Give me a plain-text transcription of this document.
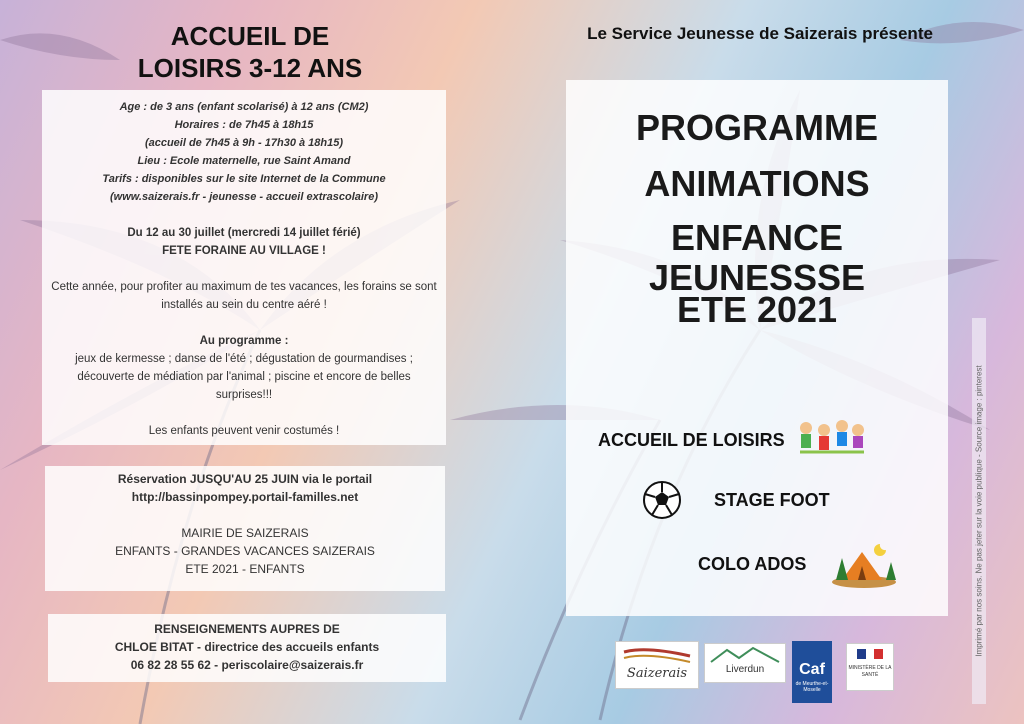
ACCUEIL DE
LOISIRS 3-12 ANS
Age : de 3 ans (enfant scolarisé) à 12 ans (CM2)
Horaires : de 7h45 à 18h15
(accueil de 7h45 à 9h - 17h30 à 18h15)
Lieu : Ecole maternelle, rue Saint Amand
Tarifs : disponibles sur le site Internet de la Commune
(www.saizerais.fr - jeunesse - accueil extrascolaire)
Du 12 au 30 juillet (mercredi 14 juillet férié)
FETE FORAINE AU VILLAGE !
Cette année, pour profiter au maximum de tes vacances, les forains se sont installés au sein du centre aéré !
Au programme :
jeux de kermesse ; danse de l'été ; dégustation de gourmandises ; découverte de médiation par l'animal ; piscine et encore de belles surprises!!!
Les enfants peuvent venir costumés !
Réservation JUSQU'AU 25 JUIN via le portail
http://bassinpompey.portail-familles.net
MAIRIE DE SAIZERAIS
ENFANTS - GRANDES VACANCES SAIZERAIS
ETE 2021 - ENFANTS
RENSEIGNEMENTS AUPRES DE
CHLOE BITAT - directrice des accueils enfants
06 82 28 55 62 - periscolaire@saizerais.fr
Le Service Jeunesse de Saizerais présente
PROGRAMME
ANIMATIONS
ENFANCE JEUNESSSE
ETE 2021
ACCUEIL DE LOISIRS
STAGE FOOT
COLO ADOS
Saizerais	Liverdun	Caf
de Meurthe-et-Moselle
MINISTÈRE DE LA SANTÉ
Imprimé par nos soins. Ne pas jeter sur la voie publique - Source image : pinterest
